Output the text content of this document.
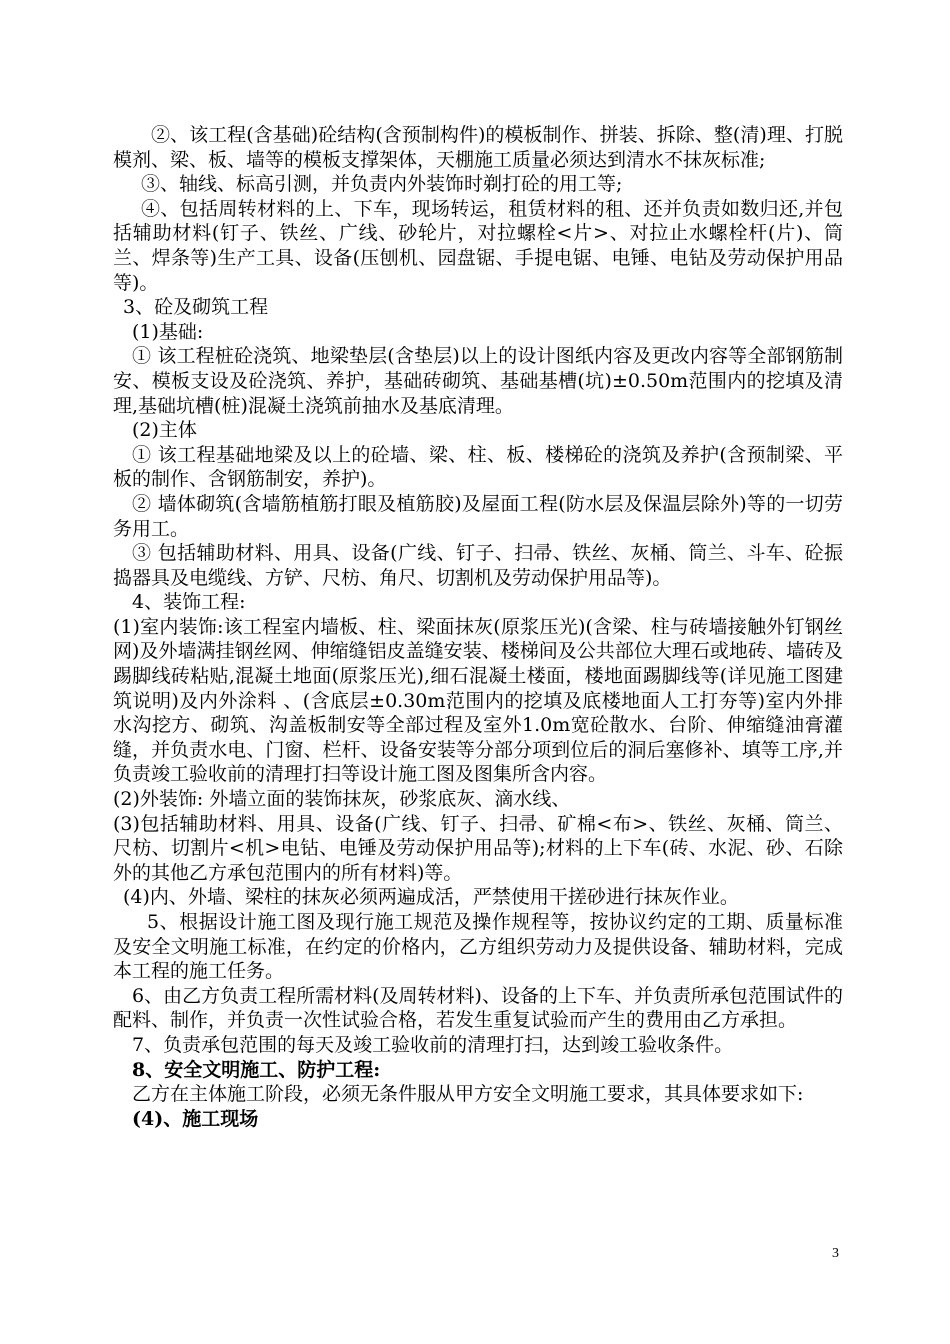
②、该工程(含基础)砼结构(含预制构件)的模板制作、拼装、拆除、整(清)理、打脱模剂、梁、板、墙等的模板支撑架体，天棚施工质量必须达到清水不抹灰标准;

③、轴线、标高引测，并负责内外装饰时剃打砼的用工等;

④、包括周转材料的上、下车，现场转运，租赁材料的租、还并负责如数归还,并包括辅助材料(钉子、铁丝、广线、砂轮片，对拉螺栓<片>、对拉止水螺栓杆(片)、筒兰、焊条等)生产工具、设备(压刨机、园盘锯、手提电锯、电锤、电钻及劳动保护用品等)。

3、砼及砌筑工程

(1)基础:

① 该工程桩砼浇筑、地梁垫层(含垫层)以上的设计图纸内容及更改内容等全部钢筋制安、模板支设及砼浇筑、养护，基础砖砌筑、基础基槽(坑)±0.50m范围内的挖填及清理,基础坑槽(桩)混凝土浇筑前抽水及基底清理。

(2)主体

① 该工程基础地梁及以上的砼墙、梁、柱、板、楼梯砼的浇筑及养护(含预制梁、平板的制作、含钢筋制安，养护)。

② 墙体砌筑(含墙筋植筋打眼及植筋胶)及屋面工程(防水层及保温层除外)等的一切劳务用工。

③ 包括辅助材料、用具、设备(广线、钉子、扫帚、铁丝、灰桶、筒兰、斗车、砼振捣器具及电缆线、方铲、尺枋、角尺、切割机及劳动保护用品等)。

4、装饰工程:

(1)室内装饰:该工程室内墙板、柱、梁面抹灰(原浆压光)(含梁、柱与砖墙接触外钉钢丝网)及外墙满挂钢丝网、伸缩缝铝皮盖缝安装、楼梯间及公共部位大理石或地砖、墙砖及踢脚线砖粘贴,混凝土地面(原浆压光),细石混凝土楼面，楼地面踢脚线等(详见施工图建筑说明)及内外涂料 、(含底层±0.30m范围内的挖填及底楼地面人工打夯等)室内外排水沟挖方、砌筑、沟盖板制安等全部过程及室外1.0m宽砼散水、台阶、伸缩缝油膏灌缝，并负责水电、门窗、栏杆、设备安装等分部分项到位后的洞后塞修补、填等工序,并负责竣工验收前的清理打扫等设计施工图及图集所含内容。

(2)外装饰: 外墙立面的装饰抹灰，砂浆底灰、滴水线、

(3)包括辅助材料、用具、设备(广线、钉子、扫帚、矿棉<布>、铁丝、灰桶、筒兰、尺枋、切割片<机>电钻、电锤及劳动保护用品等);材料的上下车(砖、水泥、砂、石除外的其他乙方承包范围内的所有材料)等。

(4)内、外墙、梁柱的抹灰必须两遍成活，严禁使用干搓砂进行抹灰作业。

5、根据设计施工图及现行施工规范及操作规程等，按协议约定的工期、质量标准及安全文明施工标准，在约定的价格内，乙方组织劳动力及提供设备、辅助材料，完成本工程的施工任务。

6、由乙方负责工程所需材料(及周转材料)、设备的上下车、并负责所承包范围试件的配料、制作，并负责一次性试验合格，若发生重复试验而产生的费用由乙方承担。

7、负责承包范围的每天及竣工验收前的清理打扫，达到竣工验收条件。

8、安全文明施工、防护工程:

乙方在主体施工阶段，必须无条件服从甲方安全文明施工要求，其具体要求如下:

(4)、施工现场

3
